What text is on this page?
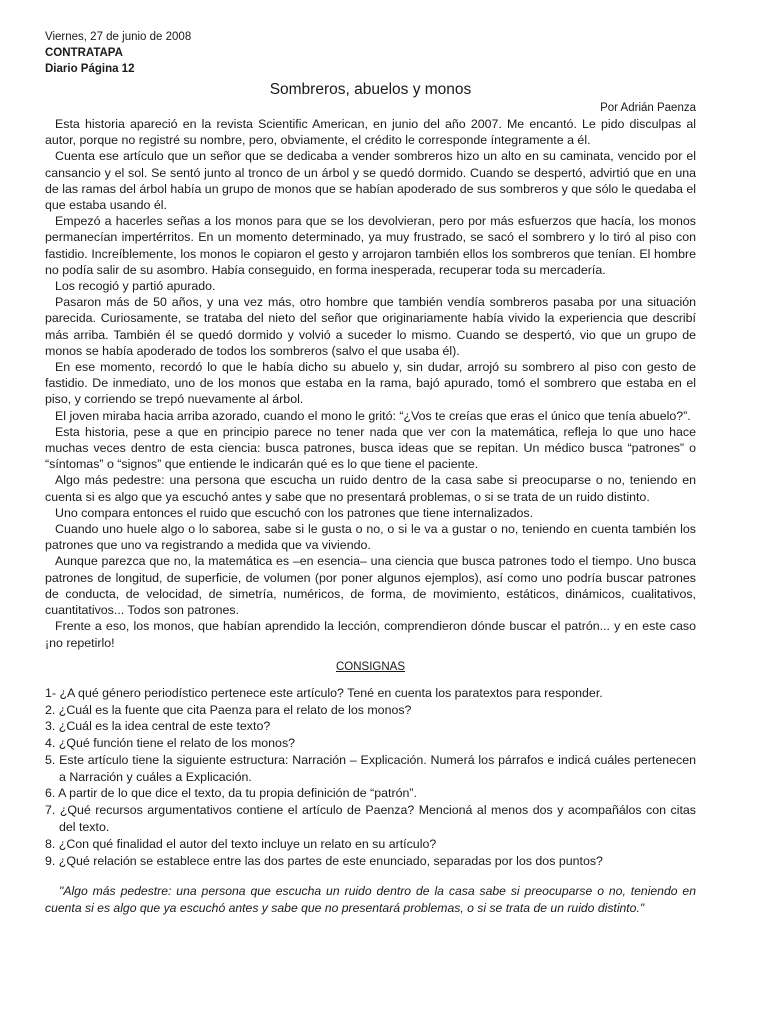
Viernes, 27 de junio de 2008
CONTRATAPA
Diario Página 12
Sombreros, abuelos y monos
Por Adrián Paenza

Esta historia apareció en la revista Scientific American, en junio del año 2007. Me encantó. Le pido disculpas al autor, porque no registré su nombre, pero, obviamente, el crédito le corresponde íntegramente a él.

Cuenta ese artículo que un señor que se dedicaba a vender sombreros hizo un alto en su caminata, vencido por el cansancio y el sol. Se sentó junto al tronco de un árbol y se quedó dormido. Cuando se despertó, advirtió que en una de las ramas del árbol había un grupo de monos que se habían apoderado de sus sombreros y que sólo le quedaba el que estaba usando él.

Empezó a hacerles señas a los monos para que se los devolvieran, pero por más esfuerzos que hacía, los monos permanecían impertérritos. En un momento determinado, ya muy frustrado, se sacó el sombrero y lo tiró al piso con fastidio. Increíblemente, los monos le copiaron el gesto y arrojaron también ellos los sombreros que tenían. El hombre no podía salir de su asombro. Había conseguido, en forma inesperada, recuperar toda su mercadería.

Los recogió y partió apurado.

Pasaron más de 50 años, y una vez más, otro hombre que también vendía sombreros pasaba por una situación parecida. Curiosamente, se trataba del nieto del señor que originariamente había vivido la experiencia que describí más arriba. También él se quedó dormido y volvió a suceder lo mismo. Cuando se despertó, vio que un grupo de monos se había apoderado de todos los sombreros (salvo el que usaba él).

En ese momento, recordó lo que le había dicho su abuelo y, sin dudar, arrojó su sombrero al piso con gesto de fastidio. De inmediato, uno de los monos que estaba en la rama, bajó apurado, tomó el sombrero que estaba en el piso, y corriendo se trepó nuevamente al árbol.

El joven miraba hacia arriba azorado, cuando el mono le gritó: “¿Vos te creías que eras el único que tenía abuelo?”.

Esta historia, pese a que en principio parece no tener nada que ver con la matemática, refleja lo que uno hace muchas veces dentro de esta ciencia: busca patrones, busca ideas que se repitan. Un médico busca “patrones” o “síntomas” o “signos” que entiende le indicarán qué es lo que tiene el paciente.

Algo más pedestre: una persona que escucha un ruido dentro de la casa sabe si preocuparse o no, teniendo en cuenta si es algo que ya escuchó antes y sabe que no presentará problemas, o si se trata de un ruido distinto.

Uno compara entonces el ruido que escuchó con los patrones que tiene internalizados.

Cuando uno huele algo o lo saborea, sabe si le gusta o no, o si le va a gustar o no, teniendo en cuenta también los patrones que uno va registrando a medida que va viviendo.

Aunque parezca que no, la matemática es –en esencia– una ciencia que busca patrones todo el tiempo. Uno busca patrones de longitud, de superficie, de volumen (por poner algunos ejemplos), así como uno podría buscar patrones de conducta, de velocidad, de simetría, numéricos, de forma, de movimiento, estáticos, dinámicos, cualitativos, cuantitativos... Todos son patrones.

Frente a eso, los monos, que habían aprendido la lección, comprendieron dónde buscar el patrón... y en este caso ¡no repetirlo!

CONSIGNAS

1- ¿A qué género periodístico pertenece este artículo? Tené en cuenta los paratextos para responder.

2. ¿Cuál es la fuente que cita Paenza para el relato de los monos?

3. ¿Cuál es la idea central de este texto?

4. ¿Qué función tiene el relato de los monos?

5. Este artículo tiene la siguiente estructura: Narración – Explicación. Numerá los párrafos e indicá cuáles pertenecen a Narración y cuáles a Explicación.

6. A partir de lo que dice el texto, da tu propia definición de “patrón”.

7. ¿Qué recursos argumentativos contiene el artículo de Paenza? Mencioná al menos dos y acompañálos con citas del texto.

8. ¿Con qué finalidad el autor del texto incluye un relato en su artículo?

9. ¿Qué relación se establece entre las dos partes de este enunciado, separadas por los dos puntos?

"Algo más pedestre: una persona que escucha un ruido dentro de la casa sabe si preocuparse o no, teniendo en cuenta si es algo que ya escuchó antes y sabe que no presentará problemas, o si se trata de un ruido distinto."
